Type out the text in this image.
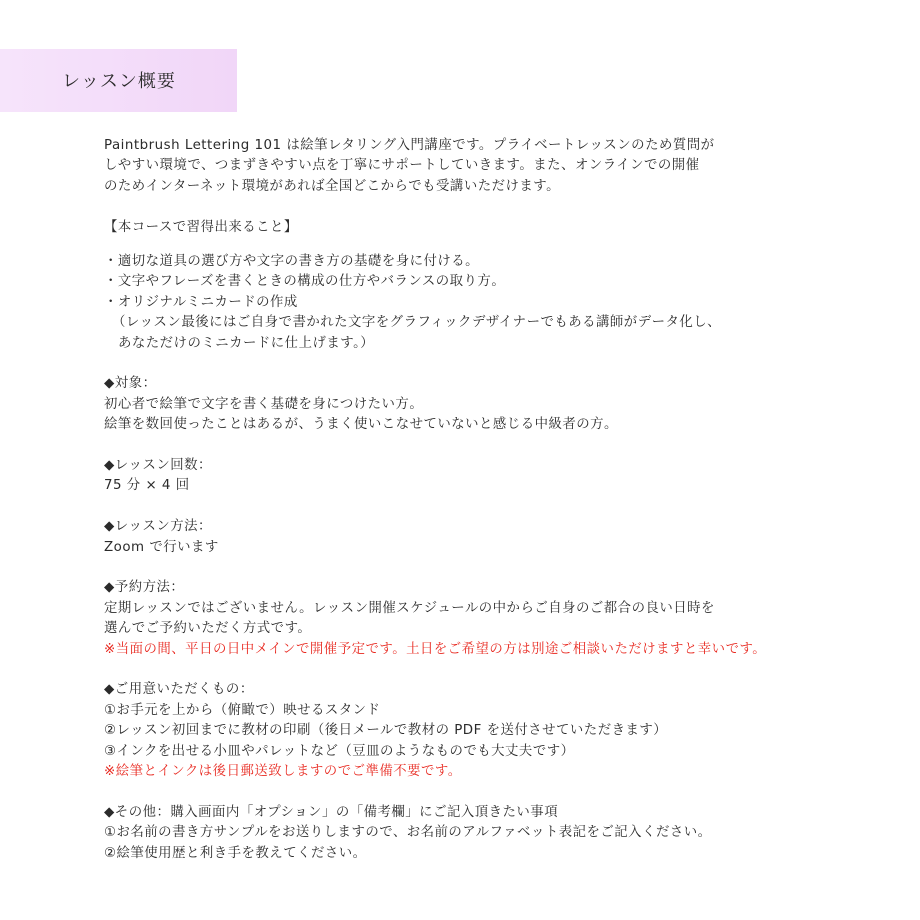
レッスン概要
Paintbrush Lettering 101 は絵筆レタリング入門講座です。プライベートレッスンのため質問が
しやすい環境で、つまずきやすい点を丁寧にサポートしていきます。また、オンラインでの開催
のためインターネット環境があれば全国どこからでも受講いただけます。
【本コースで習得出来ること】
・適切な道具の選び方や文字の書き方の基礎を身に付ける。
・文字やフレーズを書くときの構成の仕方やバランスの取り方。
・オリジナルミニカードの作成
（レッスン最後にはご自身で書かれた文字をグラフィックデザイナーでもある講師がデータ化し、
あなただけのミニカードに仕上げます。）
◆対象：
初心者で絵筆で文字を書く基礎を身につけたい方。
絵筆を数回使ったことはあるが、うまく使いこなせていないと感じる中級者の方。
◆レッスン回数：
75 分 × 4 回
◆レッスン方法：
Zoom で行います
◆予約方法：
定期レッスンではございません。レッスン開催スケジュールの中からご自身のご都合の良い日時を
選んでご予約いただく方式です。
※当面の間、平日の日中メインで開催予定です。土日をご希望の方は別途ご相談いただけますと幸いです。
◆ご用意いただくもの：
①お手元を上から（俯瞰で）映せるスタンド
②レッスン初回までに教材の印刷（後日メールで教材の PDF を送付させていただきます）
③インクを出せる小皿やパレットなど（豆皿のようなものでも大丈夫です）
※絵筆とインクは後日郵送致しますのでご準備不要です。
◆その他：購入画面内「オプション」の「備考欄」にご記入頂きたい事項
①お名前の書き方サンプルをお送りしますので、お名前のアルファベット表記をご記入ください。
②絵筆使用歴と利き手を教えてください。
